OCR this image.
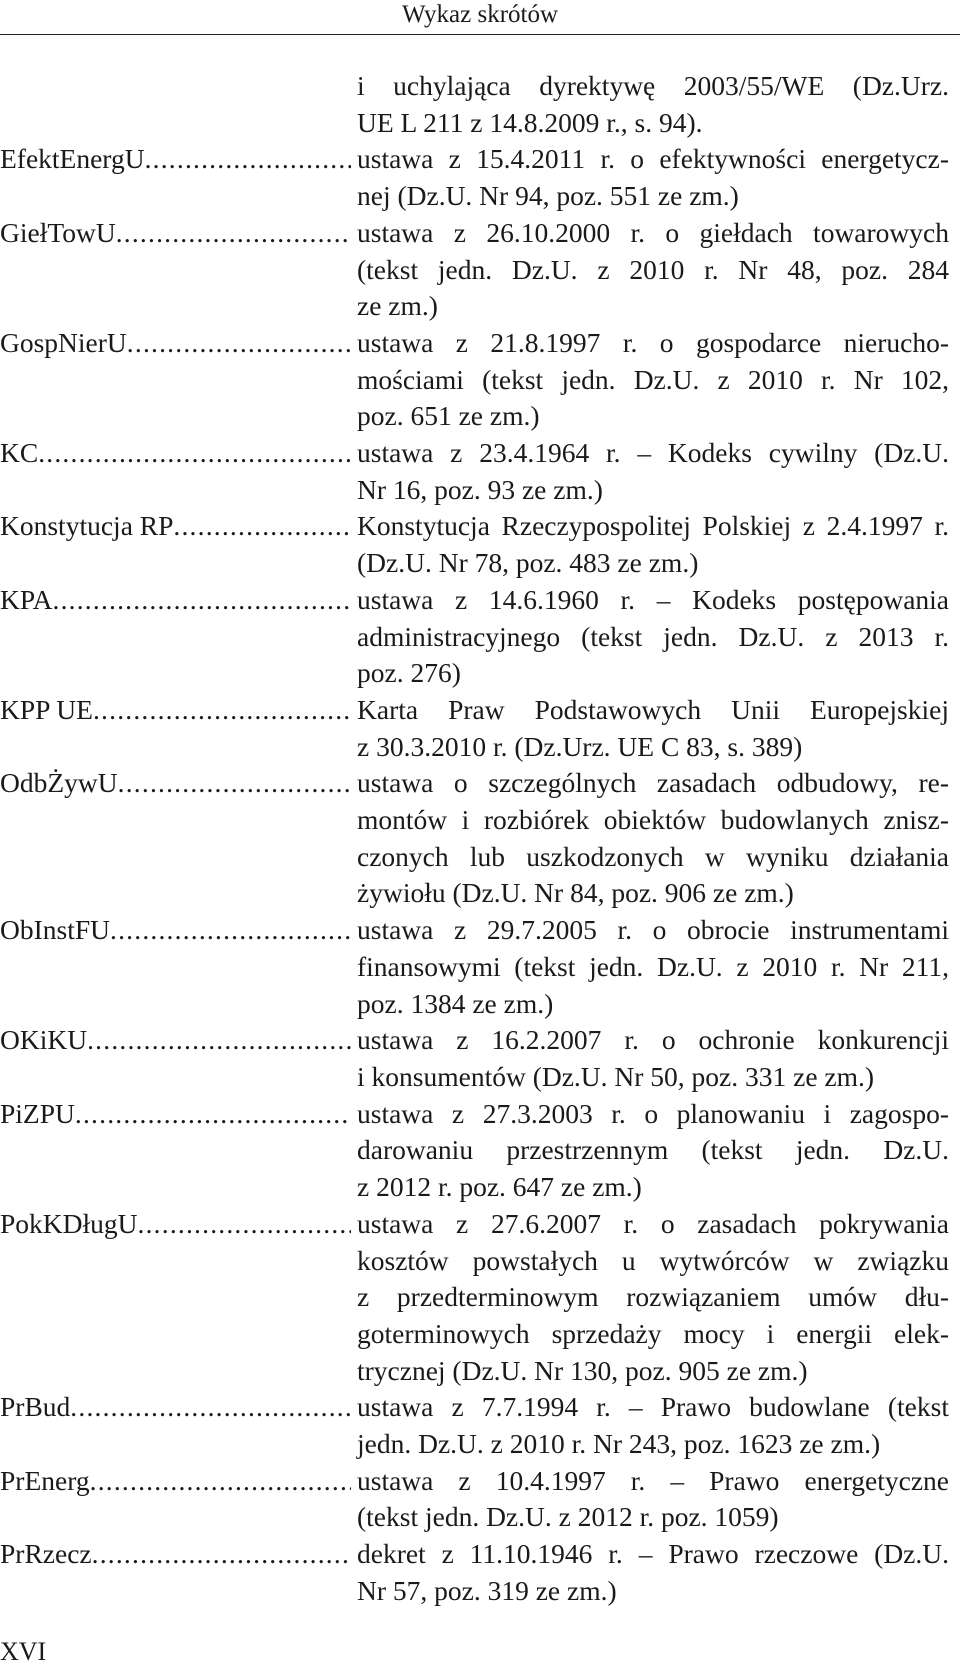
Wykaz skrótów
i uchylająca dyrektywę 2003/55/WE (Dz.Urz.
UE L 211 z 14.8.2009 r., s. 94).
EfektEnergU .....	ustawa z 15.4.2011 r. o efektywności energetycz-
nej (Dz.U. Nr 94, poz. 551 ze zm.)
GiełTowU .....	ustawa z 26.10.2000 r. o giełdach towarowych
(tekst jedn. Dz.U. z 2010 r. Nr 48, poz. 284
ze zm.)
GospNierU .....	ustawa z 21.8.1997 r. o gospodarce nierucho-
mościami (tekst jedn. Dz.U. z 2010 r. Nr 102,
poz. 651 ze zm.)
KC .....	ustawa z 23.4.1964 r. – Kodeks cywilny (Dz.U.
Nr 16, poz. 93 ze zm.)
Konstytucja RP .....	Konstytucja Rzeczypospolitej Polskiej z 2.4.1997 r.
(Dz.U. Nr 78, poz. 483 ze zm.)
KPA .....	ustawa z 14.6.1960 r. – Kodeks postępowania
administracyjnego (tekst jedn. Dz.U. z 2013 r.
poz. 276)
KPP UE .....	Karta Praw Podstawowych Unii Europejskiej
z 30.3.2010 r. (Dz.Urz. UE C 83, s. 389)
OdbŻywU .....	ustawa o szczególnych zasadach odbudowy, re-
montów i rozbiórek obiektów budowlanych znisz-
czonych lub uszkodzonych w wyniku działania
żywiołu (Dz.U. Nr 84, poz. 906 ze zm.)
ObInstFU .....	ustawa z 29.7.2005 r. o obrocie instrumentami
finansowymi (tekst jedn. Dz.U. z 2010 r. Nr 211,
poz. 1384 ze zm.)
OKiKU .....	ustawa z 16.2.2007 r. o ochronie konkurencji
i konsumentów (Dz.U. Nr 50, poz. 331 ze zm.)
PiZPU .....	ustawa z 27.3.2003 r. o planowaniu i zagospo-
darowaniu przestrzennym (tekst jedn. Dz.U.
z 2012 r. poz. 647 ze zm.)
PokKDługU .....	ustawa z 27.6.2007 r. o zasadach pokrywania
kosztów powstałych u wytwórców w związku
z przedterminowym rozwiązaniem umów dłu-
goterminowych sprzedaży mocy i energii elek-
trycznej (Dz.U. Nr 130, poz. 905 ze zm.)
PrBud .....	ustawa z 7.7.1994 r. – Prawo budowlane (tekst
jedn. Dz.U. z 2010 r. Nr 243, poz. 1623 ze zm.)
PrEnerg .....	ustawa z 10.4.1997 r. – Prawo energetyczne
(tekst jedn. Dz.U. z 2012 r. poz. 1059)
PrRzecz .....	dekret z 11.10.1946 r. – Prawo rzeczowe (Dz.U.
Nr 57, poz. 319 ze zm.)
XVI
